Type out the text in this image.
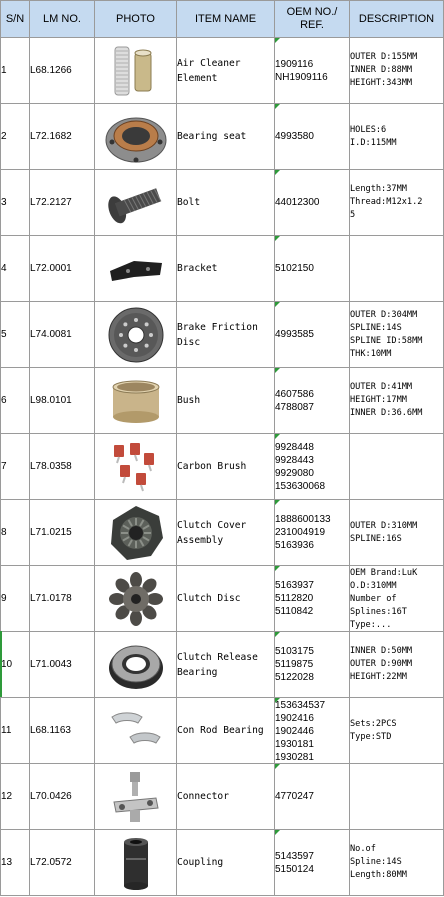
S/N	LM NO.	PHOTO	ITEM NAME	OEM NO./ REF.	DESCRIPTION
1	L68.1266		Air Cleaner
Element	1909116
NH1909116	OUTER D:155MM
INNER D:88MM
HEIGHT:343MM

2	L72.1682		Bearing seat	4993580	HOLES:6
I.D:115MM

3	L72.2127		Bolt	44012300	Length:37MM
Thread:M12x1.2
5

4	L72.0001		Bracket	5102150	

5	L74.0081		Brake Friction
Disc	4993585	OUTER D:304MM
SPLINE:14S
SPLINE ID:58MM
THK:10MM

6	L98.0101		Bush	4607586
4788087	OUTER D:41MM
HEIGHT:17MM
INNER D:36.6MM

7	L78.0358		Carbon Brush	9928448
9928443
9929080
153630068	

8	L71.0215		Clutch Cover
Assembly	1888600133
231004919
5163936	OUTER D:310MM
SPLINE:16S

9	L71.0178		Clutch Disc	5163937
5112820
5110842	OEM Brand:LuK
O.D:310MM
Number of
Splines:16T
Type:...

10	L71.0043		Clutch Release
Bearing	5103175
5119875
5122028	INNER D:50MM
OUTER D:90MM
HEIGHT:22MM

11	L68.1163		Con Rod Bearing	153634537
1902416
1902446
1930181
1930281	Sets:2PCS
Type:STD

12	L70.0426		Connector	4770247	

13	L72.0572		Coupling	5143597
5150124	No.of
Spline:14S
Length:80MM
